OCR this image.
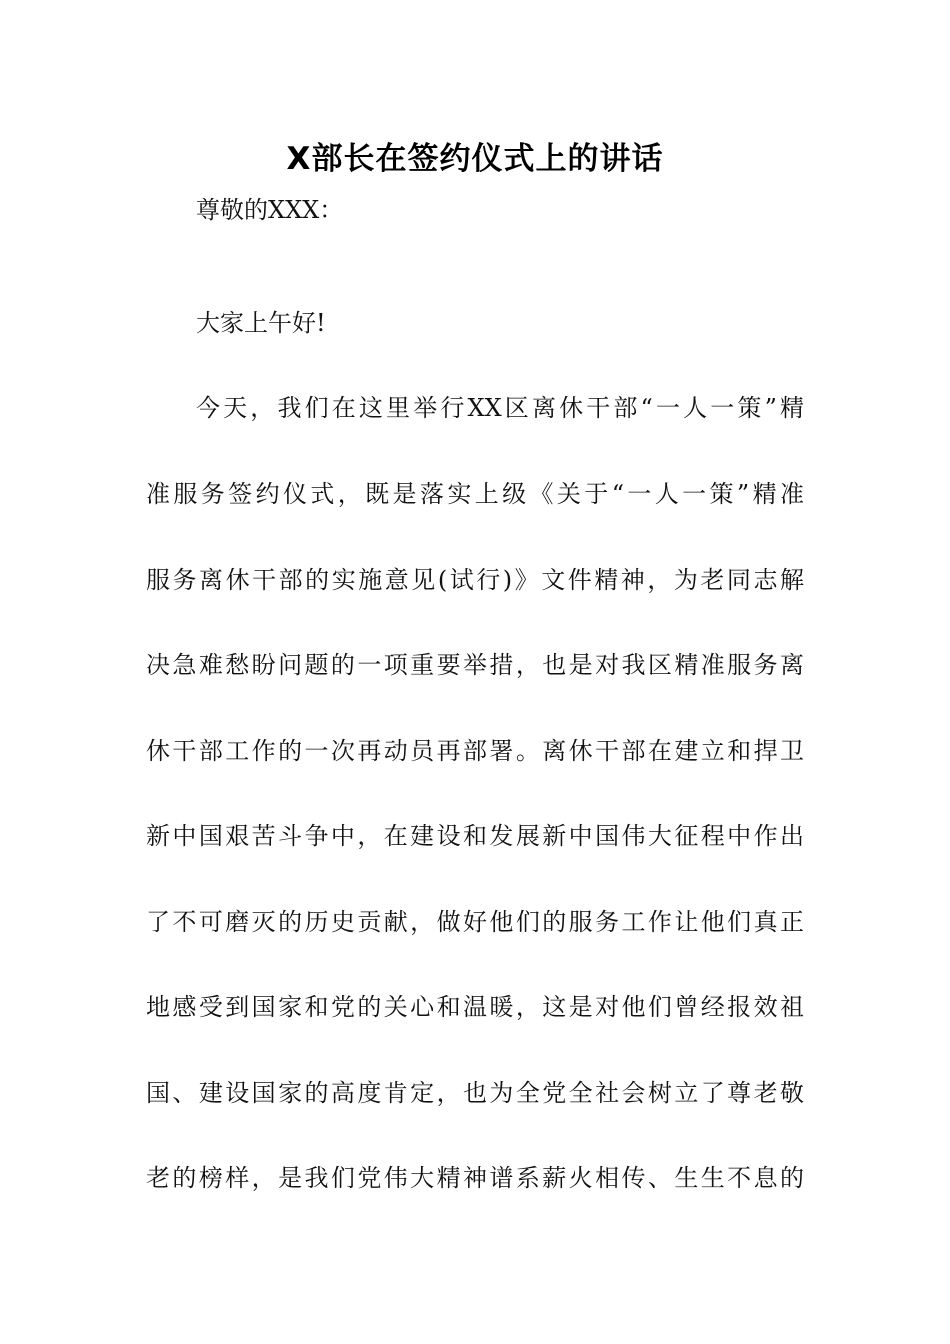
X部长在签约仪式上的讲话
尊敬的XXX：
大家上午好!
今天，我们在这里举行XX区离休干部“一人一策”精
准服务签约仪式，既是落实上级《关于“一人一策”精准
服务离休干部的实施意见(试行)》文件精神，为老同志解
决急难愁盼问题的一项重要举措，也是对我区精准服务离
休干部工作的一次再动员再部署。离休干部在建立和捍卫
新中国艰苦斗争中，在建设和发展新中国伟大征程中作出
了不可磨灭的历史贡献，做好他们的服务工作让他们真正
地感受到国家和党的关心和温暖，这是对他们曾经报效祖
国、建设国家的高度肯定，也为全党全社会树立了尊老敬
老的榜样，是我们党伟大精神谱系薪火相传、生生不息的
